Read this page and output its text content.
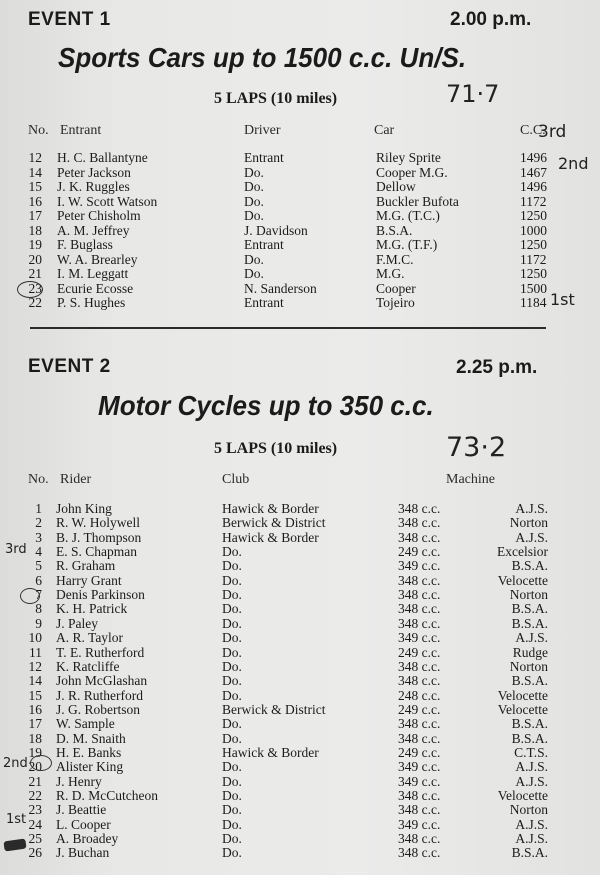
EVENT 1	2.00 p.m.
Sports Cars up to 1500 c.c. Un/S.
5 LAPS (10 miles)	71·7
No. Entrant	Driver	Car	C.C.
12 H. C. Ballantyne	Entrant	Riley Sprite	1496
14 Peter Jackson	Do.	Cooper M.G.	1467
15 J. K. Ruggles	Do.	Dellow	1496
16 I. W. Scott Watson	Do.	Buckler Bufota	1172
17 Peter Chisholm	Do.	M.G. (T.C.)	1250
18 A. M. Jeffrey	J. Davidson	B.S.A.	1000
19 F. Buglass	Entrant	M.G. (T.F.)	1250
20 W. A. Brearley	Do.	F.M.C.	1172
21 I. M. Leggatt	Do.	M.G.	1250
23 Ecurie Ecosse	N. Sanderson	Cooper	1500
22 P. S. Hughes	Entrant	Tojeiro	1184
3rd
2nd
1st
EVENT 2	2.25 p.m.
Motor Cycles up to 350 c.c.
5 LAPS (10 miles)	73·2
No. Rider	Club	Machine
1 John King	Hawick & Border	348 c.c.	A.J.S.
2 R. W. Holywell	Berwick & District	348 c.c.	Norton
3 B. J. Thompson	Hawick & Border	348 c.c.	A.J.S.
4 E. S. Chapman	Do.	249 c.c.	Excelsior
5 R. Graham	Do.	349 c.c.	B.S.A.
6 Harry Grant	Do.	348 c.c.	Velocette
7 Denis Parkinson	Do.	348 c.c.	Norton
8 K. H. Patrick	Do.	348 c.c.	B.S.A.
9 J. Paley	Do.	348 c.c.	B.S.A.
10 A. R. Taylor	Do.	349 c.c.	A.J.S.
11 T. E. Rutherford	Do.	249 c.c.	Rudge
12 K. Ratcliffe	Do.	348 c.c.	Norton
14 John McGlashan	Do.	348 c.c.	B.S.A.
15 J. R. Rutherford	Do.	248 c.c.	Velocette
16 J. G. Robertson	Berwick & District	249 c.c.	Velocette
17 W. Sample	Do.	348 c.c.	B.S.A.
18 D. M. Snaith	Do.	348 c.c.	B.S.A.
19 H. E. Banks	Hawick & Border	249 c.c.	C.T.S.
20 Alister King	Do.	349 c.c.	A.J.S.
21 J. Henry	Do.	349 c.c.	A.J.S.
22 R. D. McCutcheon	Do.	348 c.c.	Velocette
23 J. Beattie	Do.	348 c.c.	Norton
24 L. Cooper	Do.	349 c.c.	A.J.S.
25 A. Broadey	Do.	348 c.c.	A.J.S.
26 J. Buchan	Do.	348 c.c.	B.S.A.
3rd
2nd
1st
